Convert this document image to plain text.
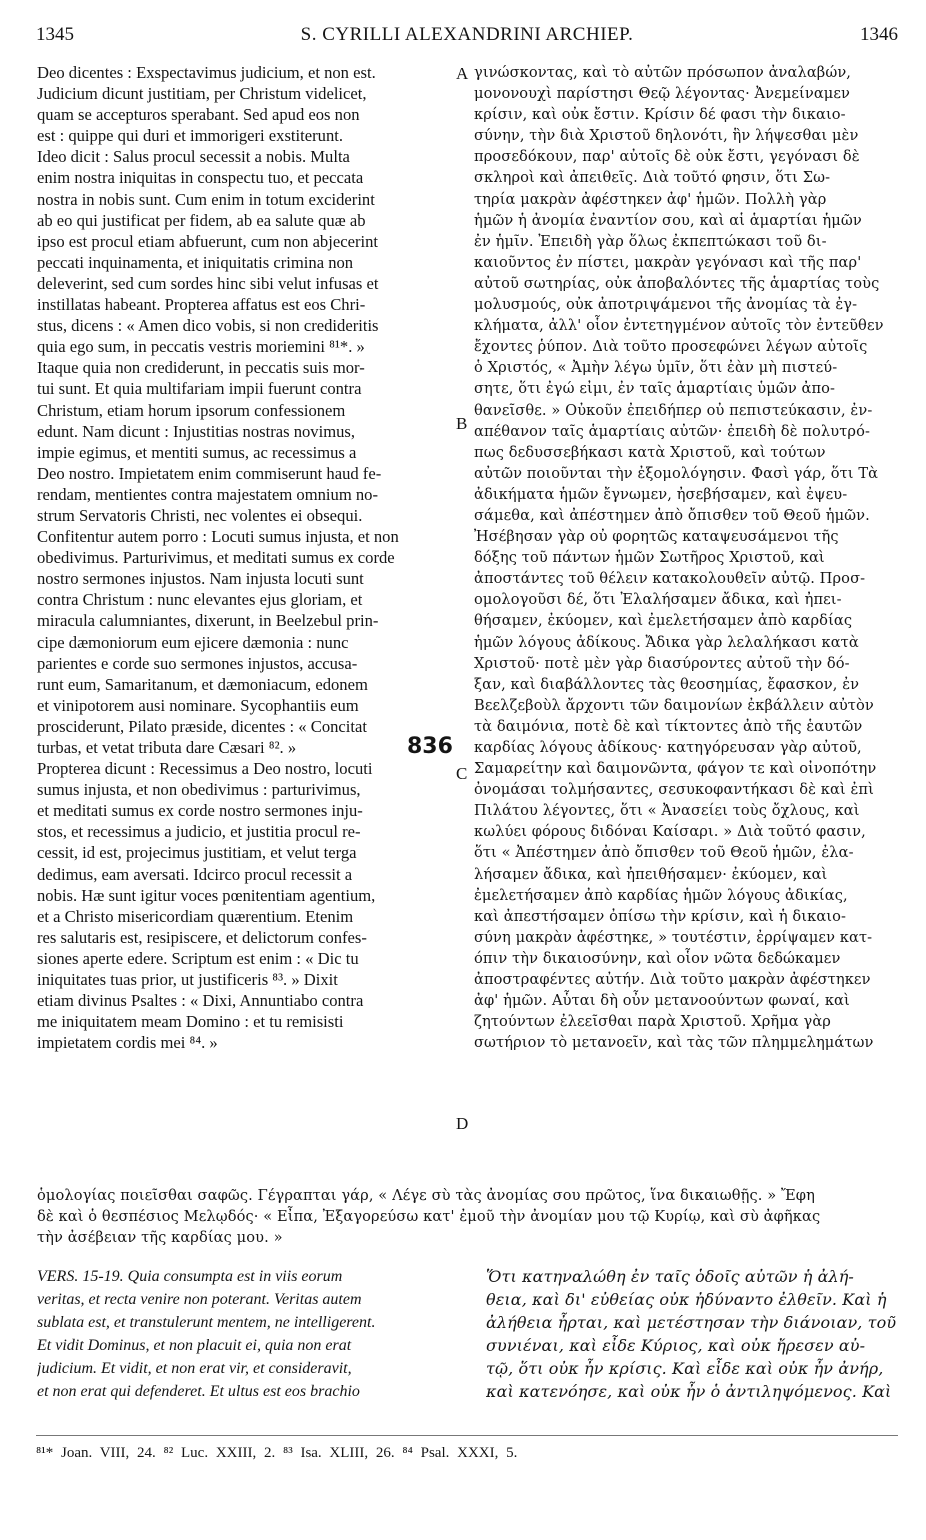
1345	S. CYRILLI ALEXANDRINI ARCHIEP.	1346
Deo dicentes : Exspectavimus judicium, et non est.
Judicium dicunt justitiam, per Christum videlicet,
quam se accepturos sperabant. Sed apud eos non
est : quippe qui duri et immorigeri exstiterunt.
Ideo dicit : Salus procul secessit a nobis. Multa
enim nostra iniquitas in conspectu tuo, et peccata
nostra in nobis sunt. Cum enim in totum exciderint
ab eo qui justificat per fidem, ab ea salute quæ ab
ipso est procul etiam abfuerunt, cum non abjecerint
peccati inquinamenta, et iniquitatis crimina non
deleverint, sed cum sordes hinc sibi velut infusas et
instillatas habeant. Propterea affatus est eos Chri-
stus, dicens : « Amen dico vobis, si non credideritis
quia ego sum, in peccatis vestris moriemini ⁸¹*. »
Itaque quia non crediderunt, in peccatis suis mor-
tui sunt. Et quia multifariam impii fuerunt contra
Christum, etiam horum ipsorum confessionem
edunt. Nam dicunt : Injustitias nostras novimus,
impie egimus, et mentiti sumus, ac recessimus a
Deo nostro. Impietatem enim commiserunt haud fe-
rendam, mentientes contra majestatem omnium no-
strum Servatoris Christi, nec volentes ei obsequi.
Confitentur autem porro : Locuti sumus injusta, et non
obedivimus. Parturivimus, et meditati sumus ex corde
nostro sermones injustos. Nam injusta locuti sunt
contra Christum : nunc elevantes ejus gloriam, et
miracula calumniantes, dixerunt, in Beelzebul prin-
cipe dæmoniorum eum ejicere dæmonia : nunc
parientes e corde suo sermones injustos, accusa-
runt eum, Samaritanum, et dæmoniacum, edonem
et vinipotorem ausi nominare. Sycophantiis eum
prosciderunt, Pilato præside, dicentes : « Concitat
turbas, et vetat tributa dare Cæsari ⁸². »
Propterea dicunt : Recessimus a Deo nostro, locuti
sumus injusta, et non obedivimus : parturivimus,
et meditati sumus ex corde nostro sermones inju-
stos, et recessimus a judicio, et justitia procul re-
cessit, id est, projecimus justitiam, et velut terga
dedimus, eam aversati. Idcirco procul recessit a
nobis. Hæ sunt igitur voces pœnitentiam agentium,
et a Christo misericordiam quærentium. Etenim
res salutaris est, resipiscere, et delictorum confes-
siones aperte edere. Scriptum est enim : « Dic tu
iniquitates tuas prior, ut justificeris ⁸³. » Dixit
etiam divinus Psaltes : « Dixi, Annuntiabo contra
me iniquitatem meam Domino : et tu remisisti
impietatem cordis mei ⁸⁴. »
γινώσκοντας, καὶ τὸ αὐτῶν πρόσωπον ἀναλαβών,
μονονουχὶ παρίστησι Θεῷ λέγοντας· Ἀνεμείναμεν
κρίσιν, καὶ οὐκ ἔστιν. Κρίσιν δέ φασι τὴν δικαιο-
σύνην, τὴν διὰ Χριστοῦ δηλονότι, ἣν λήψεσθαι μὲν
προσεδόκουν, παρ' αὐτοῖς δὲ οὐκ ἔστι, γεγόνασι δὲ
σκληροὶ καὶ ἀπειθεῖς. Διὰ τοῦτό φησιν, ὅτι Σω-
τηρία μακρὰν ἀφέστηκεν ἀφ' ἡμῶν. Πολλὴ γὰρ
ἡμῶν ἡ ἀνομία ἐναντίον σου, καὶ αἱ ἁμαρτίαι ἡμῶν
ἐν ἡμῖν. Ἐπειδὴ γὰρ ὅλως ἐκπεπτώκασι τοῦ δι-
καιοῦντος ἐν πίστει, μακρὰν γεγόνασι καὶ τῆς παρ'
αὐτοῦ σωτηρίας, οὐκ ἀποβαλόντες τῆς ἁμαρτίας τοὺς
μολυσμούς, οὐκ ἀποτριψάμενοι τῆς ἀνομίας τὰ ἐγ-
κλήματα, ἀλλ' οἷον ἐντετηγμένον αὐτοῖς τὸν ἐντεῦθεν
ἔχοντες ῥύπον. Διὰ τοῦτο προσεφώνει λέγων αὐτοῖς
ὁ Χριστός, « Ἀμὴν λέγω ὑμῖν, ὅτι ἐὰν μὴ πιστεύ-
σητε, ὅτι ἐγώ εἰμι, ἐν ταῖς ἁμαρτίαις ὑμῶν ἀπο-
θανεῖσθε. » Οὐκοῦν ἐπειδήπερ οὐ πεπιστεύκασιν, ἐν-
απέθανον ταῖς ἁμαρτίαις αὐτῶν· ἐπειδὴ δὲ πολυτρό-
πως δεδυσσεβήκασι κατὰ Χριστοῦ, καὶ τούτων
αὐτῶν ποιοῦνται τὴν ἐξομολόγησιν. Φασὶ γάρ, ὅτι Τὰ
ἀδικήματα ἡμῶν ἔγνωμεν, ἠσεβήσαμεν, καὶ ἐψευ-
σάμεθα, καὶ ἀπέστημεν ἀπὸ ὄπισθεν τοῦ Θεοῦ ἡμῶν.
Ἠσέβησαν γὰρ οὐ φορητῶς καταψευσάμενοι τῆς
δόξης τοῦ πάντων ἡμῶν Σωτῆρος Χριστοῦ, καὶ
ἀποστάντες τοῦ θέλειν κατακολουθεῖν αὐτῷ. Προσ-
ομολογοῦσι δέ, ὅτι Ἐλαλήσαμεν ἄδικα, καὶ ἠπει-
θήσαμεν, ἐκύομεν, καὶ ἐμελετήσαμεν ἀπὸ καρδίας
ἡμῶν λόγους ἀδίκους. Ἄδικα γὰρ λελαλήκασι κατὰ
Χριστοῦ· ποτὲ μὲν γὰρ διασύροντες αὐτοῦ τὴν δό-
ξαν, καὶ διαβάλλοντες τὰς θεοσημίας, ἔφασκον, ἐν
Βεελζεβοὺλ ἄρχοντι τῶν δαιμονίων ἐκβάλλειν αὐτὸν
τὰ δαιμόνια, ποτὲ δὲ καὶ τίκτοντες ἀπὸ τῆς ἑαυτῶν
καρδίας λόγους ἀδίκους· κατηγόρευσαν γὰρ αὐτοῦ,
Σαμαρείτην καὶ δαιμονῶντα, φάγον τε καὶ οἰνοπότην
ὀνομάσαι τολμήσαντες, σεσυκοφαντήκασι δὲ καὶ ἐπὶ
Πιλάτου λέγοντες, ὅτι « Ἀνασείει τοὺς ὄχλους, καὶ
κωλύει φόρους διδόναι Καίσαρι. » Διὰ τοῦτό φασιν,
ὅτι « Ἀπέστημεν ἀπὸ ὄπισθεν τοῦ Θεοῦ ἡμῶν, ἐλα-
λήσαμεν ἄδικα, καὶ ἠπειθήσαμεν· ἐκύομεν, καὶ
ἐμελετήσαμεν ἀπὸ καρδίας ἡμῶν λόγους ἀδικίας,
καὶ ἀπεστήσαμεν ὀπίσω τὴν κρίσιν, καὶ ἡ δικαιο-
σύνη μακρὰν ἀφέστηκε, » τουτέστιν, ἐρρίψαμεν κατ-
όπιν τὴν δικαιοσύνην, καὶ οἷον νῶτα δεδώκαμεν
ἀποστραφέντες αὐτήν. Διὰ τοῦτο μακρὰν ἀφέστηκεν
ἀφ' ἡμῶν. Αὗται δὴ οὖν μετανοούντων φωναί, καὶ
ζητούντων ἐλεεῖσθαι παρὰ Χριστοῦ. Χρῆμα γὰρ
σωτήριον τὸ μετανοεῖν, καὶ τὰς τῶν πλημμελημάτων
A
B
C
D
836
ὁμολογίας ποιεῖσθαι σαφῶς. Γέγραπται γάρ, « Λέγε σὺ τὰς ἀνομίας σου πρῶτος, ἵνα δικαιωθῇς. » Ἔφη
δὲ καὶ ὁ θεσπέσιος Μελῳδός· « Εἶπα, Ἐξαγορεύσω κατ' ἐμοῦ τὴν ἀνομίαν μου τῷ Κυρίῳ, καὶ σὺ ἀφῆκας
τὴν ἀσέβειαν τῆς καρδίας μου. »
VERS. 15-19. Quia consumpta est in viis eorum
veritas, et recta venire non poterant. Veritas autem
sublata est, et transtulerunt mentem, ne intelligerent.
Et vidit Dominus, et non placuit ei, quia non erat
judicium. Et vidit, et non erat vir, et consideravit,
et non erat qui defenderet. Et ultus est eos brachio
Ὅτι κατηναλώθη ἐν ταῖς ὁδοῖς αὐτῶν ἡ ἀλή-
θεια, καὶ δι' εὐθείας οὐκ ἠδύναντο ἐλθεῖν. Καὶ ἡ
ἀλήθεια ἦρται, καὶ μετέστησαν τὴν διάνοιαν, τοῦ
συνιέναι, καὶ εἶδε Κύριος, καὶ οὐκ ἤρεσεν αὐ-
τῷ, ὅτι οὐκ ἦν κρίσις. Καὶ εἶδε καὶ οὐκ ἦν ἀνήρ,
καὶ κατενόησε, καὶ οὐκ ἦν ὁ ἀντιληψόμενος. Καὶ
⁸¹* Joan. VIII, 24. ⁸² Luc. XXIII, 2. ⁸³ Isa. XLIII, 26. ⁸⁴ Psal. XXXI, 5.
